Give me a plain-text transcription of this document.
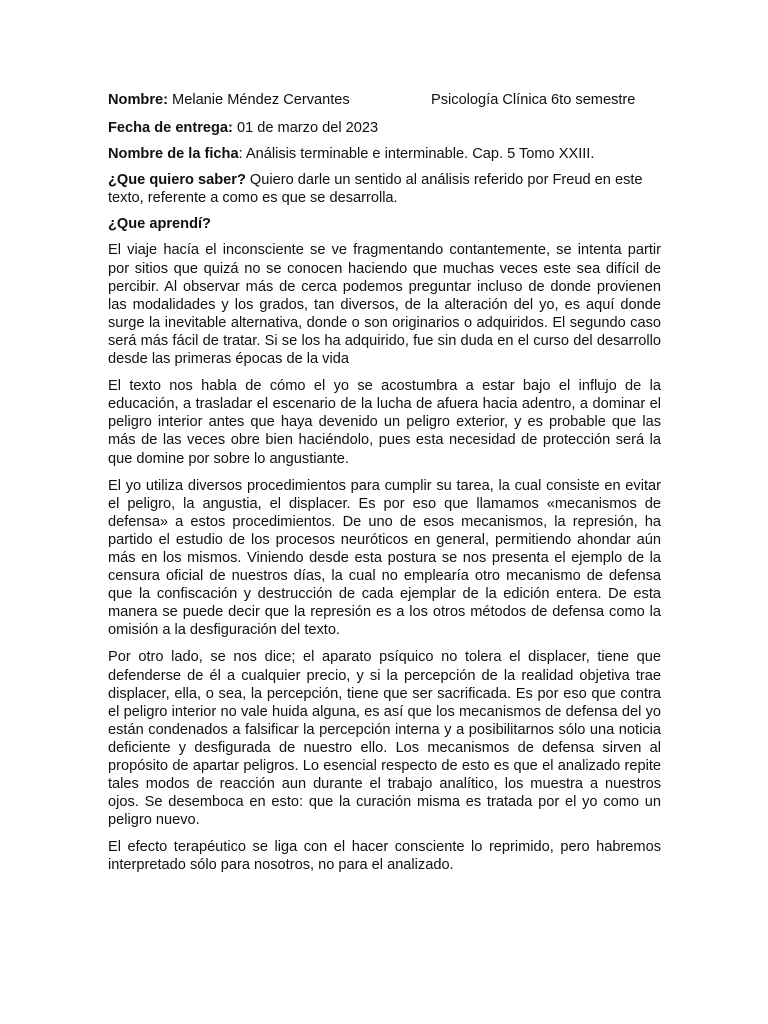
Nombre: Melanie Méndez Cervantes	Psicología Clínica 6to semestre
Fecha de entrega: 01 de marzo del 2023
Nombre de la ficha: Análisis terminable e interminable. Cap. 5 Tomo XXIII.
¿Que quiero saber? Quiero darle un sentido al análisis referido por Freud en este texto, referente a como es que se desarrolla.
¿Que aprendí?

El viaje hacía el inconsciente se ve fragmentando contantemente, se intenta partir por sitios que quizá no se conocen haciendo que muchas veces este sea difícil de percibir. Al observar más de cerca podemos preguntar incluso de donde provienen las modalidades y los grados, tan diversos, de la alteración del yo, es aquí donde surge la inevitable alternativa, donde o son originarios o adquiridos. El segundo caso será más fácil de tratar. Si se los ha adquirido, fue sin duda en el curso del desarrollo desde las primeras épocas de la vida

El texto nos habla de cómo el yo se acostumbra a estar bajo el influjo de la educación, a trasladar el escenario de la lucha de afuera hacia adentro, a dominar el peligro interior antes que haya devenido un peligro exterior, y es probable que las más de las veces obre bien haciéndolo, pues esta necesidad de protección será la que domine por sobre lo angustiante.

El yo utiliza diversos procedimientos para cumplir su tarea, la cual consiste en evitar el peligro, la angustia, el displacer. Es por eso que llamamos «mecanismos de defensa» a estos procedimientos. De uno de esos mecanismos, la represión, ha partido el estudio de los procesos neuróticos en general, permitiendo ahondar aún más en los mismos. Viniendo desde esta postura se nos presenta el ejemplo de la censura oficial de nuestros días, la cual no emplearía otro mecanismo de defensa que la confiscación y destrucción de cada ejemplar de la edición entera. De esta manera se puede decir que la represión es a los otros métodos de defensa como la omisión a la desfiguración del texto.

Por otro lado, se nos dice; el aparato psíquico no tolera el displacer, tiene que defenderse de él a cualquier precio, y si la percepción de la realidad objetiva trae displacer, ella, o sea, la percepción, tiene que ser sacrificada. Es por eso que contra el peligro interior no vale huida alguna, es así que los mecanismos de defensa del yo están condenados a falsificar la percepción interna y a posibilitarnos sólo una noticia deficiente y desfigurada de nuestro ello. Los mecanismos de defensa sirven al propósito de apartar peligros. Lo esencial respecto de esto es que el analizado repite tales modos de reacción aun durante el trabajo analítico, los muestra a nuestros ojos. Se desemboca en esto: que la curación misma es tratada por el yo como un peligro nuevo.

El efecto terapéutico se liga con el hacer consciente lo reprimido, pero habremos interpretado sólo para nosotros, no para el analizado.
